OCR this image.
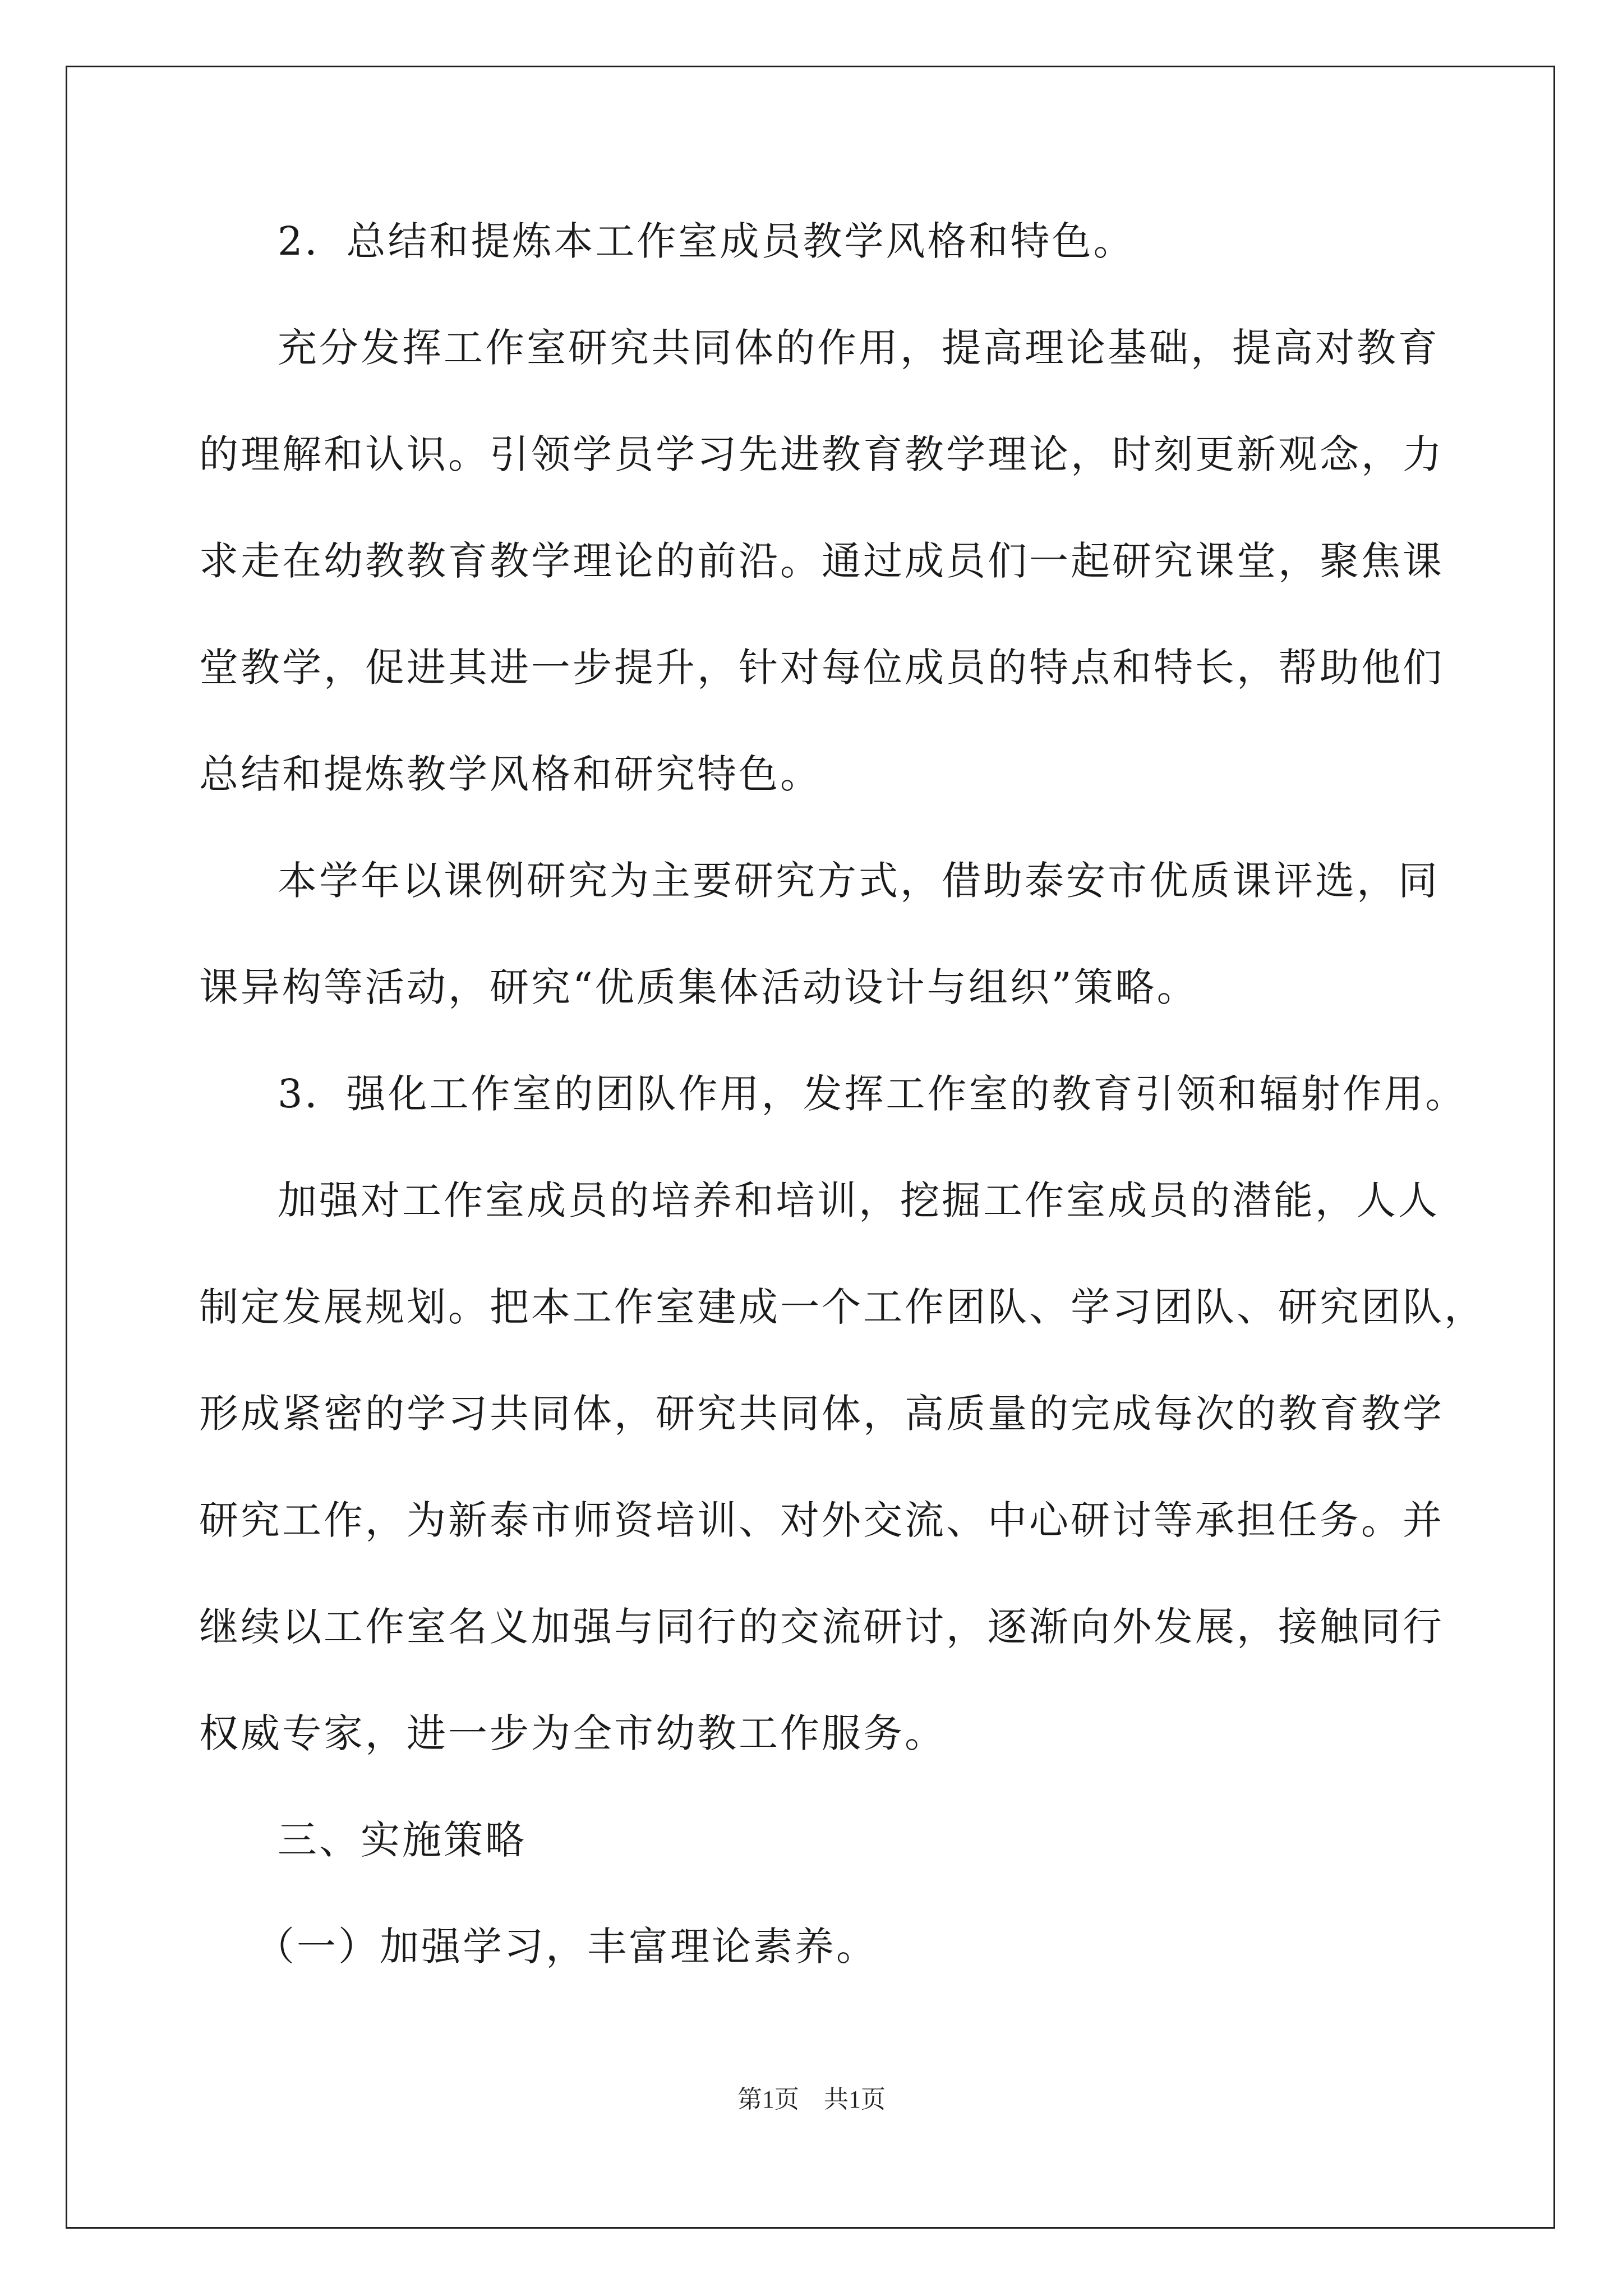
2．总结和提炼本工作室成员教学风格和特色。
充分发挥工作室研究共同体的作用，提高理论基础，提高对教育
的理解和认识。引领学员学习先进教育教学理论，时刻更新观念，力
求走在幼教教育教学理论的前沿。通过成员们一起研究课堂，聚焦课
堂教学，促进其进一步提升，针对每位成员的特点和特长，帮助他们
总结和提炼教学风格和研究特色。
本学年以课例研究为主要研究方式，借助泰安市优质课评选，同
课异构等活动，研究“优质集体活动设计与组织”策略。
3．强化工作室的团队作用，发挥工作室的教育引领和辐射作用。
加强对工作室成员的培养和培训，挖掘工作室成员的潜能，人人
制定发展规划。把本工作室建成一个工作团队、学习团队、研究团队，
形成紧密的学习共同体，研究共同体，高质量的完成每次的教育教学
研究工作，为新泰市师资培训、对外交流、中心研讨等承担任务。并
继续以工作室名义加强与同行的交流研讨，逐渐向外发展，接触同行
权威专家，进一步为全市幼教工作服务。
三、实施策略
（一）加强学习，丰富理论素养。
第1页　共1页
